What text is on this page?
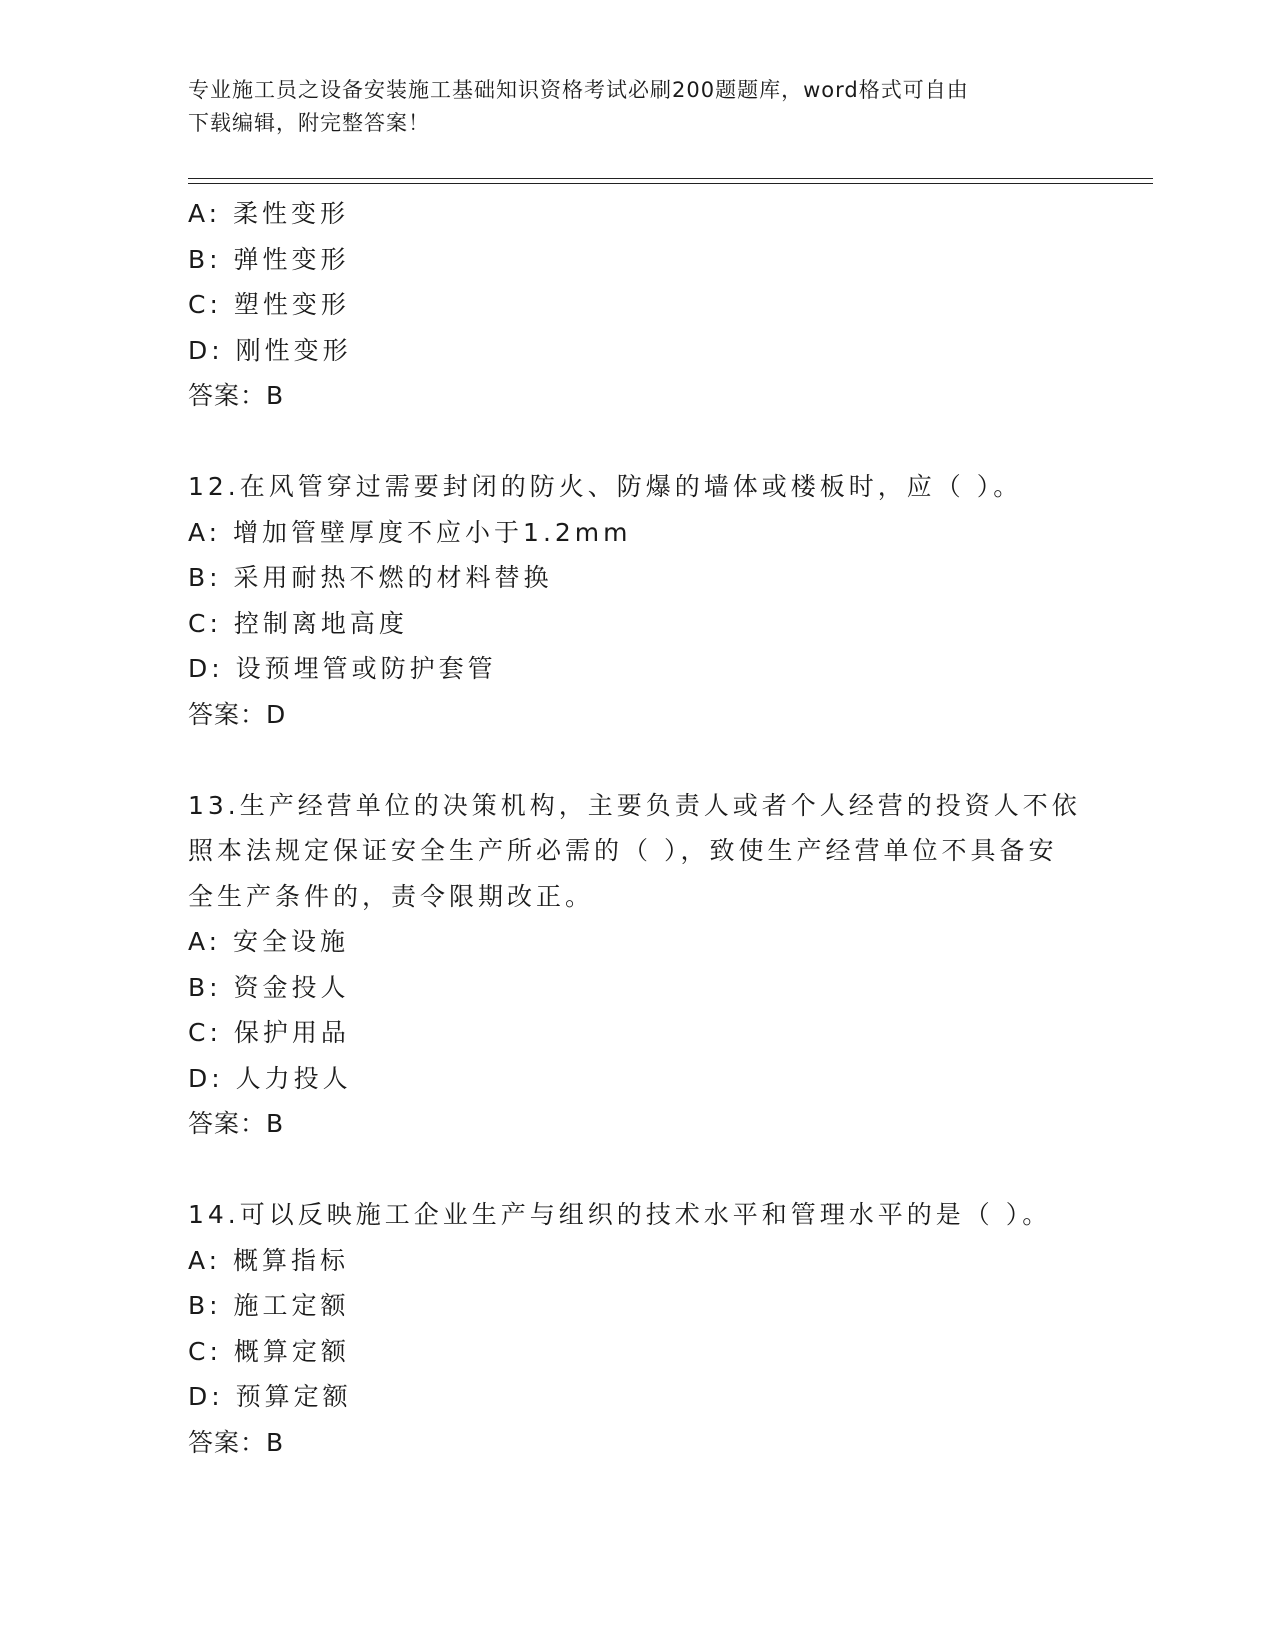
专业施工员之设备安装施工基础知识资格考试必刷200题题库，word格式可自由
下载编辑，附完整答案！
A: 柔性变形
B: 弹性变形
C: 塑性变形
D: 刚性变形
答案：B
12.在风管穿过需要封闭的防火、防爆的墙体或楼板时，应（ ）。
A: 增加管壁厚度不应小于1.2mm
B: 采用耐热不燃的材料替换
C: 控制离地高度
D: 设预埋管或防护套管
答案：D
13.生产经营单位的决策机构，主要负责人或者个人经营的投资人不依
照本法规定保证安全生产所必需的（ ），致使生产经营单位不具备安
全生产条件的，责令限期改正。
A: 安全设施
B: 资金投人
C: 保护用品
D: 人力投人
答案：B
14.可以反映施工企业生产与组织的技术水平和管理水平的是（ ）。
A: 概算指标
B: 施工定额
C: 概算定额
D: 预算定额
答案：B
